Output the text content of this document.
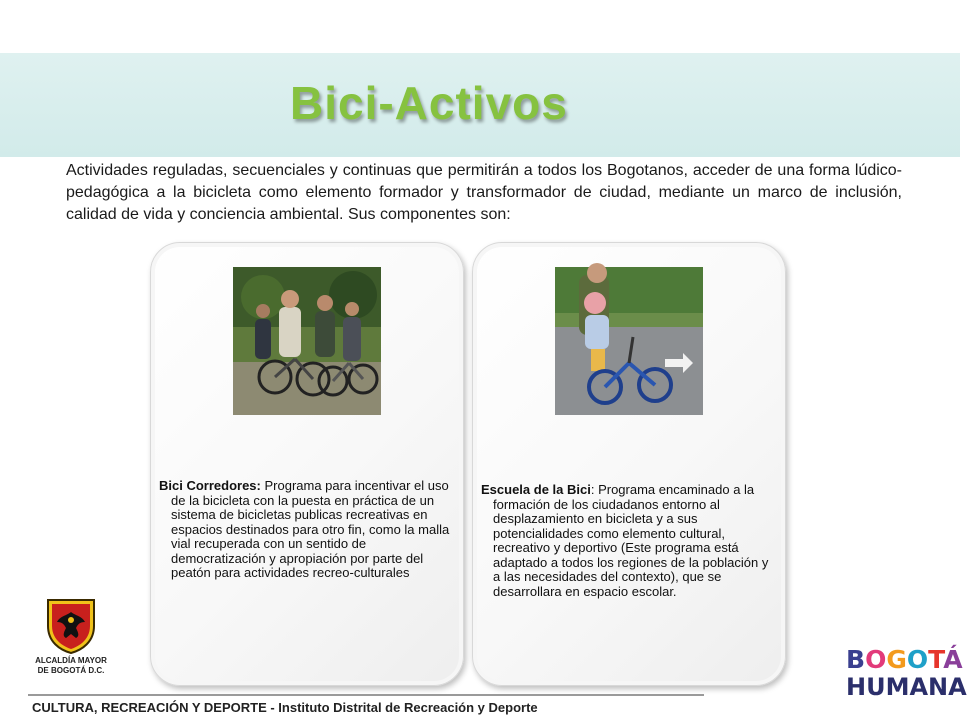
Bici-Activos

Actividades reguladas, secuenciales y continuas que permitirán a todos los Bogotanos, acceder de una forma lúdico-pedagógica a la bicicleta como elemento formador y transformador de ciudad, mediante un marco de inclusión, calidad de vida y conciencia ambiental. Sus componentes son:

Bici Corredores: Programa para incentivar el uso de la bicicleta con la puesta en práctica de un sistema de bicicletas publicas recreativas en espacios destinados para otro fin, como la malla vial recuperada con un sentido de democratización y apropiación por parte del peatón para actividades recreo-culturales

Escuela de la Bici: Programa encaminado a la formación de los ciudadanos entorno al desplazamiento en bicicleta y a sus potencialidades como elemento cultural, recreativo y deportivo (Este programa está adaptado a todos los regiones de la población y a las necesidades del contexto), que se desarrollara en espacio escolar.

ALCALDÍA MAYOR
DE BOGOTÁ D.C.	BOGOTÁ
HUMANA
CULTURA, RECREACIÓN Y DEPORTE - Instituto Distrital de Recreación y Deporte
